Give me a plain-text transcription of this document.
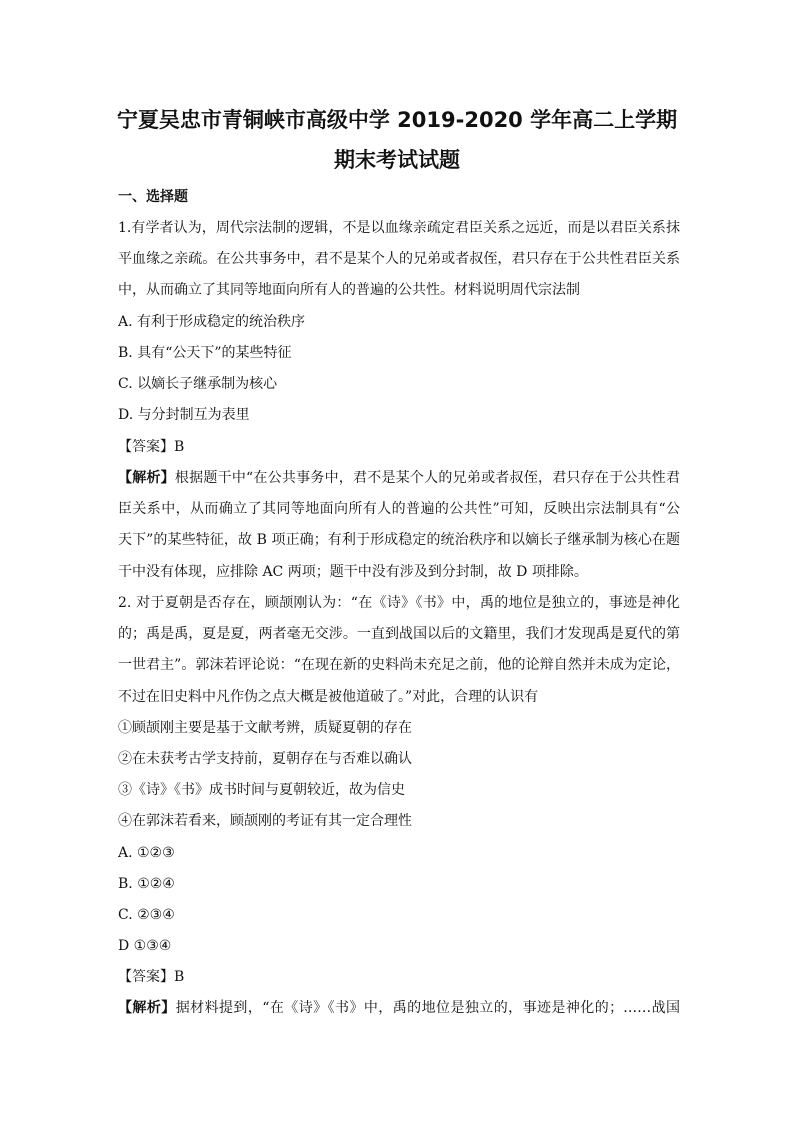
宁夏吴忠市青铜峡市高级中学 2019-2020 学年高二上学期
期末考试试题
一、选择题
1.有学者认为，周代宗法制的逻辑，不是以血缘亲疏定君臣关系之远近，而是以君臣关系抹
平血缘之亲疏。在公共事务中，君不是某个人的兄弟或者叔侄，君只存在于公共性君臣关系
中，从而确立了其同等地面向所有人的普遍的公共性。材料说明周代宗法制
A. 有利于形成稳定的统治秩序
B. 具有“公天下”的某些特征
C. 以嫡长子继承制为核心
D. 与分封制互为表里
【答案】B
【解析】根据题干中“在公共事务中，君不是某个人的兄弟或者叔侄，君只存在于公共性君
臣关系中，从而确立了其同等地面向所有人的普遍的公共性”可知，反映出宗法制具有“公
天下”的某些特征，故 B 项正确；有利于形成稳定的统治秩序和以嫡长子继承制为核心在题
干中没有体现，应排除 AC 两项；题干中没有涉及到分封制，故 D 项排除。
2. 对于夏朝是否存在，顾颉刚认为：“在《诗》《书》中，禹的地位是独立的，事迹是神化
的；禹是禹，夏是夏，两者毫无交涉。一直到战国以后的文籍里，我们才发现禹是夏代的第
一世君主”。郭沫若评论说：“在现在新的史料尚未充足之前，他的论辩自然并未成为定论，
不过在旧史料中凡作伪之点大概是被他道破了。”对此，合理的认识有
①顾颉刚主要是基于文献考辨，质疑夏朝的存在
②在未获考古学支持前，夏朝存在与否难以确认
③《诗》《书》成书时间与夏朝较近，故为信史
④在郭沫若看来，顾颉刚的考证有其一定合理性
A. ①②③
B. ①②④
C. ②③④
D ①③④
【答案】B
【解析】据材料提到，“在《诗》《书》中，禹的地位是独立的，事迹是神化的；……战国
